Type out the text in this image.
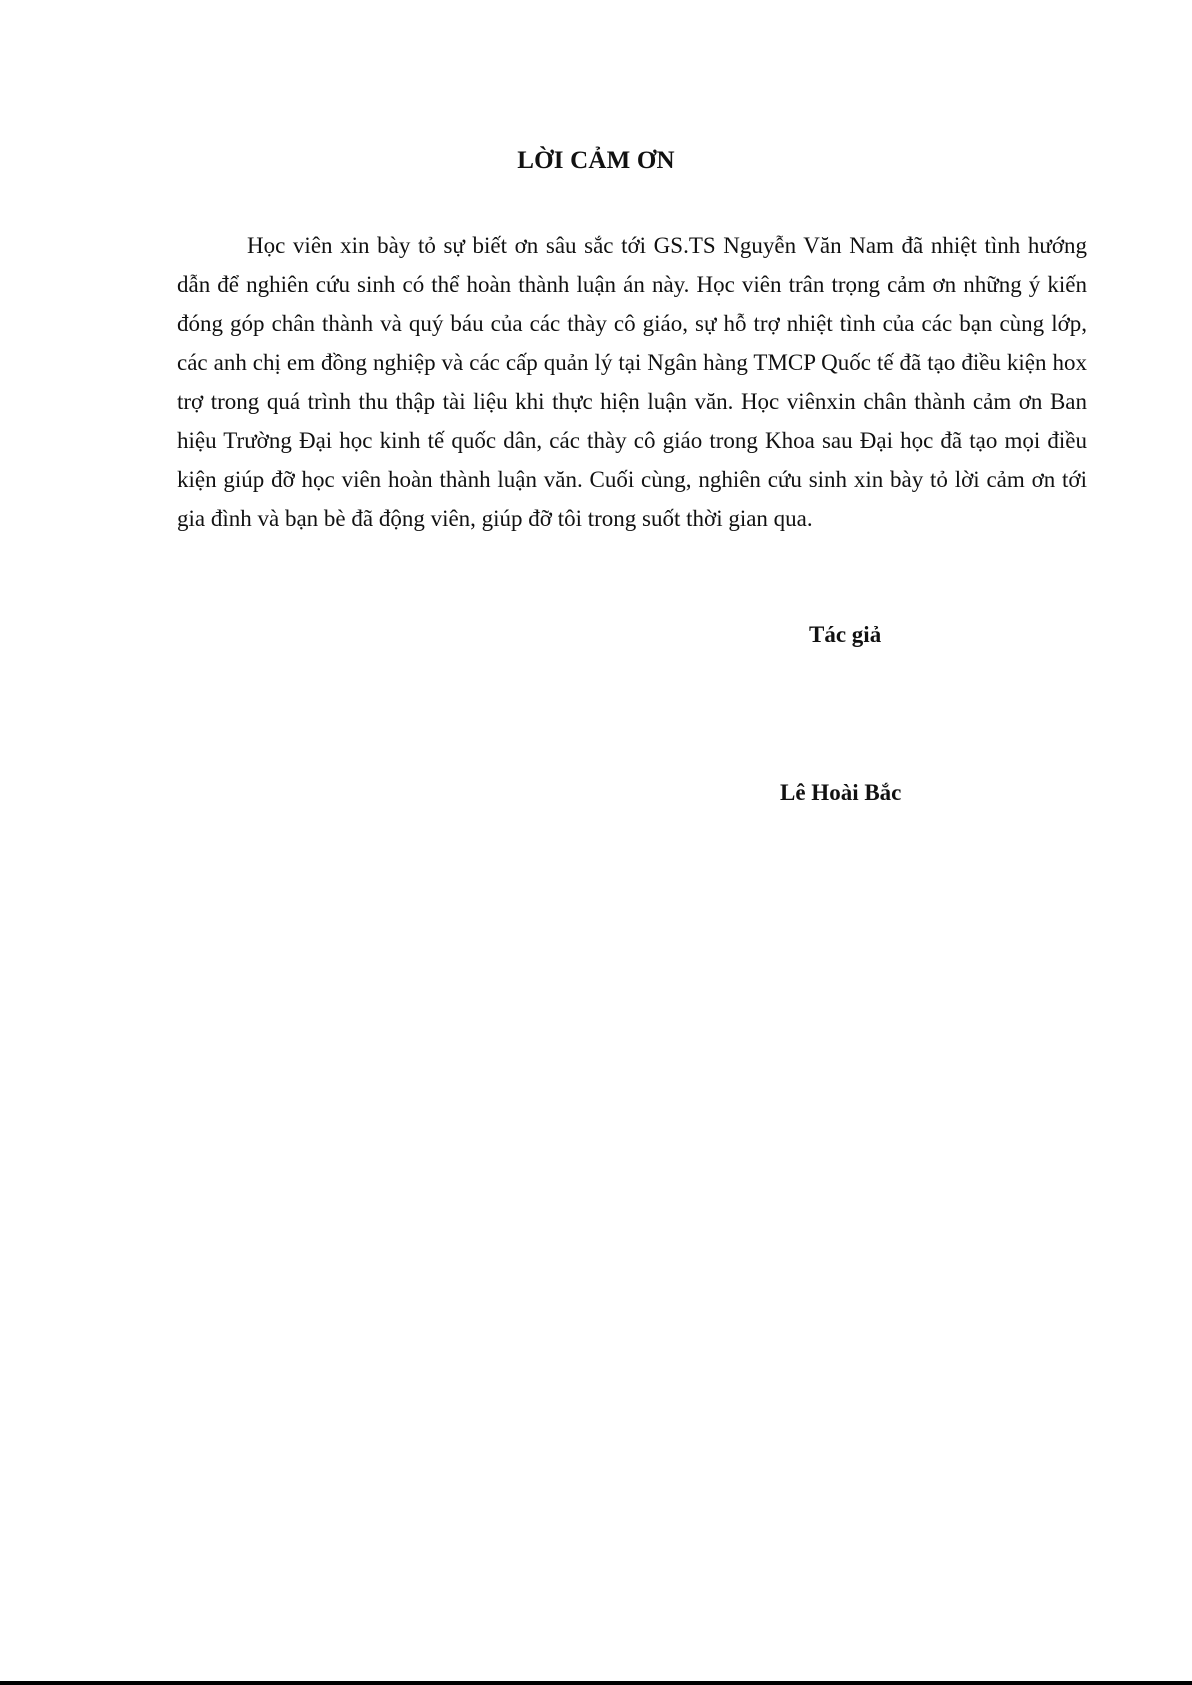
LỜI CẢM ƠN

Học viên xin bày tỏ sự biết ơn sâu sắc tới GS.TS Nguyễn Văn Nam đã nhiệt tình hướng dẫn để nghiên cứu sinh có thể hoàn thành luận án này. Học viên trân trọng cảm ơn những ý kiến đóng góp chân thành và quý báu của các thày cô giáo, sự hỗ trợ nhiệt tình của các bạn cùng lớp, các anh chị em đồng nghiệp và các cấp quản lý tại Ngân hàng TMCP Quốc tế đã tạo điều kiện hox trợ trong quá trình thu thập tài liệu khi thực hiện luận văn. Học viênxin chân thành cảm ơn Ban hiệu Trường Đại học kinh tế quốc dân, các thày cô giáo trong Khoa sau Đại học đã tạo mọi điều kiện giúp đỡ học viên hoàn thành luận văn. Cuối cùng, nghiên cứu sinh xin bày tỏ lời cảm ơn tới gia đình và bạn bè đã động viên, giúp đỡ tôi trong suốt thời gian qua.

Tác giả

Lê Hoài Bắc
